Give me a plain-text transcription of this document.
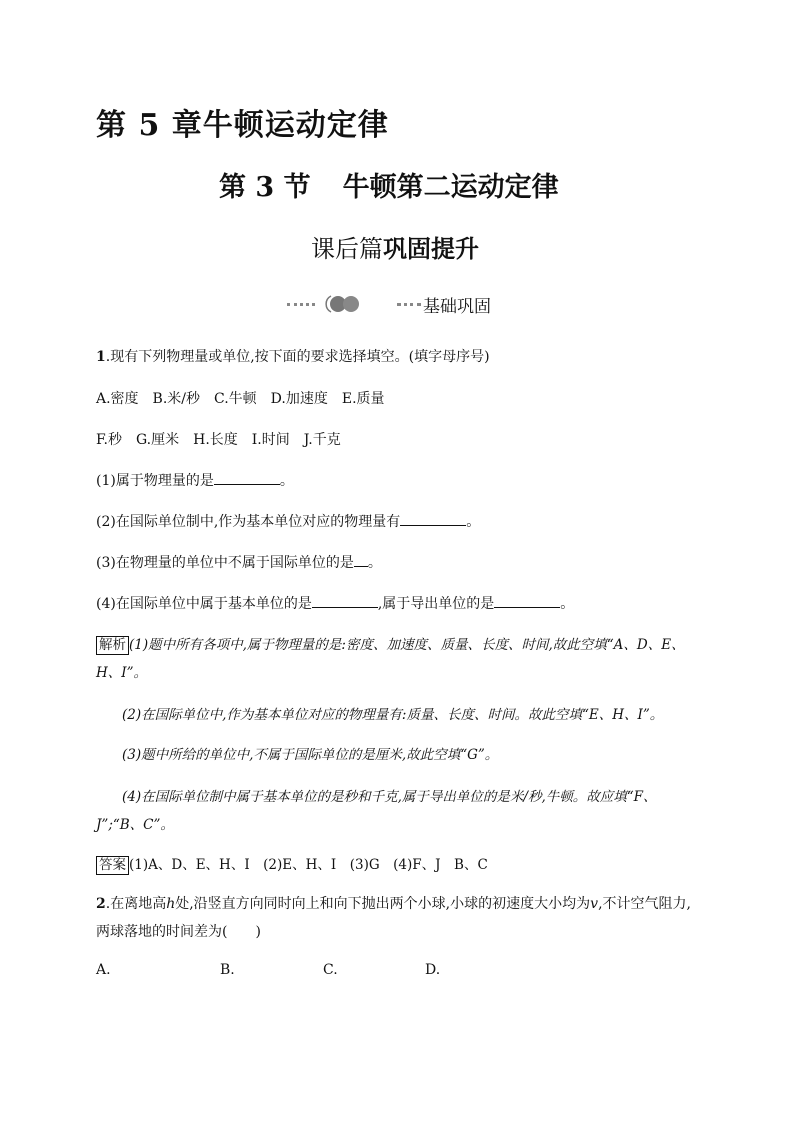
第 5 章牛顿运动定律
第 3 节 牛顿第二运动定律
课后篇巩固提升
基础巩固
1.现有下列物理量或单位,按下面的要求选择填空。(填字母序号)
A.密度　B.米/秒　C.牛顿　D.加速度　E.质量
F.秒　G.厘米　H.长度　I.时间　J.千克
(1)属于物理量的是	。
(2)在国际单位制中,作为基本单位对应的物理量有	。
(3)在物理量的单位中不属于国际单位的是 。
(4)在国际单位中属于基本单位的是	,属于导出单位的是	。
解析 (1)题中所有各项中,属于物理量的是:密度、加速度、质量、长度、时间,故此空填“A、D、E、
H、I”。
(2)在国际单位中,作为基本单位对应的物理量有:质量、长度、时间。故此空填“E、H、I”。
(3)题中所给的单位中,不属于国际单位的是厘米,故此空填“G”。
(4)在国际单位制中属于基本单位的是秒和千克,属于导出单位的是米/秒,牛顿。故应填“F、
J”;“B、C”。
答案 (1)A、D、E、H、I　(2)E、H、I　(3)G　(4)F、J　B、C
2.在离地高h处,沿竖直方向同时向上和向下抛出两个小球,小球的初速度大小均为v,不计空气阻力,
两球落地的时间差为(　　)
A.	B.	C.	D.
